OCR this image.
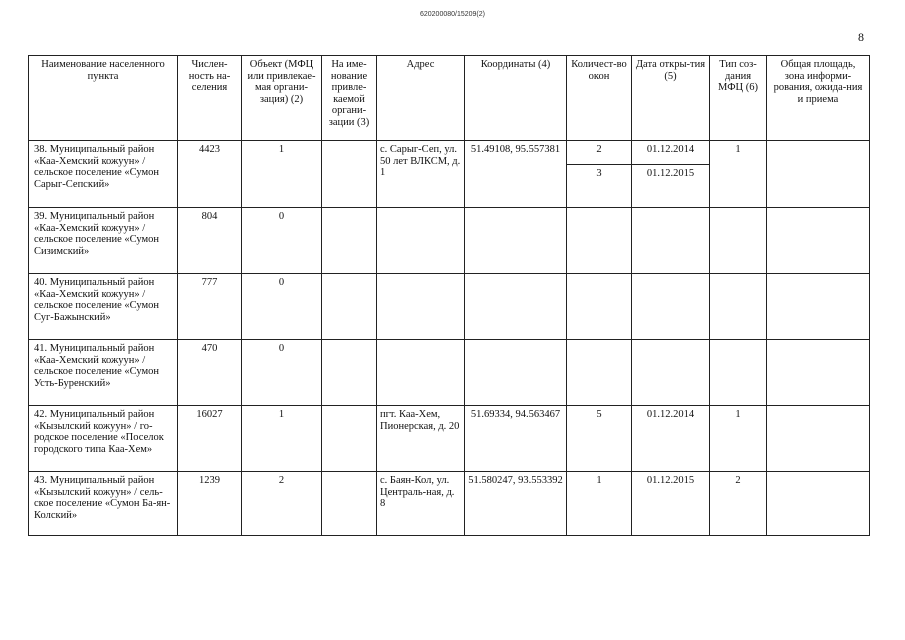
620200080/15209(2)
8
Наименование населенного пункта	Числен-ность на-селения	Объект (МФЦ или привлекае-мая органи-зация) (2)	На име-нование привле-каемой органи-зации (3)	Адрес	Координаты (4)	Количест-во окон	Дата откры-тия (5)	Тип соз-дания МФЦ (6)	Общая площадь, зона информи-рования, ожида-ния и приема
38. Муниципальный район «Каа-Хемский кожуун» / сельское поселение «Сумон Сарыг-Сепский»	4423	1		с. Сарыг-Сеп, ул. 50 лет ВЛКСМ, д. 1	51.49108, 95.557381	2	01.12.2014	1	
						3	01.12.2015		
39. Муниципальный район «Каа-Хемский кожуун» / сельское поселение «Сумон Сизимский»	804	0							
40. Муниципальный район «Каа-Хемский кожуун» / сельское поселение «Сумон Суг-Бажынский»	777	0							
41. Муниципальный район «Каа-Хемский кожуун» / сельское поселение «Сумон Усть-Буренский»	470	0							
42. Муниципальный район «Кызылский кожуун» / го-родское поселение «Поселок городского типа Каа-Хем»	16027	1		пгт. Каа-Хем, Пионерская, д. 20	51.69334, 94.563467	5	01.12.2014	1	
43. Муниципальный район «Кызылский кожуун» / сель-ское поселение «Сумон Ба-ян-Колский»	1239	2		с. Баян-Кол, ул. Централь-ная, д. 8	51.580247, 93.553392	1	01.12.2015	2	
